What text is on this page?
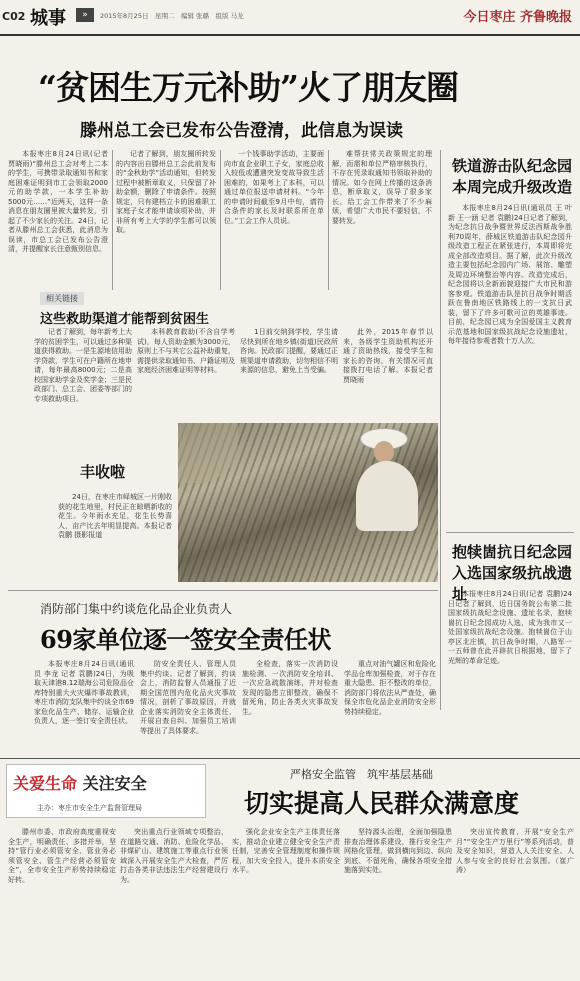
C02 城事	»	2015年8月25日　星期二　编辑 张璐　组版 马龙	今日枣庄 齐鲁晚报
“贫困生万元补助”火了朋友圈
滕州总工会已发布公告澄清，此信息为误读
本报枣庄8月24日讯(记者 贾晓雨)“滕州总工会对考上二本的学生，可携带录取通知书和家庭困难证明到市工会领取2000元的助学款，一本学生补助5000元……”近两天，这样一条消息在朋友圈里被大量转发，引起了不少家长的关注。24日，记者从滕州总工会获悉，此消息为误读，市总工会已发布公告澄清，并提醒家长注意甄别信息。
记者了解到，朋友圈所转发的内容出自滕州总工会此前发布的“金秋助学”活动通知，但转发过程中被断章取义，只保留了补助金额，删除了申请条件。按照规定，只有建档立卡的困难职工家庭子女才能申请该项补助，并非所有考上大学的学生都可以领取。
一个钱事助学活动，主要面向市直企业职工子女，家庭总收入较低或遭遇突发变故导致生活困难的，如果考上了本科，可以通过单位报送申请材料。“今年的申请时间截至9月中旬，请符合条件的家长及时联系所在单位。”工会工作人员说。
难帮扶常关政策规定的理解，而需和单位严格审核执行，不存在凭录取通知书领取补助的情况。如今在网上传播的这条消息，断章取义，误导了很多家长，给工会工作带来了不少麻烦，希望广大市民不要轻信，不要转发。
相关链接
这些救助渠道才能帮到贫困生
记者了解到，每年新考上大学的贫困学生，可以通过多种渠道获得救助。一是生源地信用助学贷款，学生可在户籍所在地申请，每年最高8000元；二是高校国家助学金及奖学金；三是民政部门、总工会、团委等部门的专项救助项目。
本科教育救助(不含自学考试)，每人资助金额为3000元，原则上不与其它公益补助重复，需提供录取通知书、户籍证明及家庭经济困难证明等材料。
1日前交纳到学校，学生请尽快到所在地乡镇(街道)民政所咨询。民政部门提醒，要通过正规渠道申请救助，切勿相信不明来源的信息，避免上当受骗。
此外，2015年春节以来，各级学生资助机构还开通了资助热线，接受学生和家长的咨询，有关情况可直接拨打电话了解。本报记者 贾晓雨
丰收啦
24日，在枣庄市峄城区一片刚收获的花生地里，村民正在晾晒新收的花生。今年雨水充足，花生长势喜人，亩产比去年明显提高。本报记者 袁鹏 摄影报道
铁道游击队纪念园
本周完成升级改造
本报枣庄8月24日讯(通讯员 王 叶新 王一涵 记者 袁鹏)24日记者了解到，为纪念抗日战争暨世界反法西斯战争胜利70周年，薛城区铁道游击队纪念园升级改造工程正在紧张进行，本周即将完成全部改造项目。据了解，此次升级改造主要包括纪念园内广场、展馆、雕塑及周边环境整治等内容。改造完成后，纪念园将以全新面貌迎接广大市民和游客参观。铁道游击队是抗日战争时期活跃在鲁南地区铁路线上的一支抗日武装，留下了许多可歌可泣的英雄事迹。目前，纪念园已成为全国爱国主义教育示范基地和国家级抗战纪念设施遗址，每年接待参观者数十万人次。
抱犊崮抗日纪念园
入选国家级抗战遗址
本报枣庄8月24日讯(记者 袁鹏)24日记者了解到，近日国务院公布第二批国家级抗战纪念设施、遗址名录，抱犊崮抗日纪念园成功入选，成为我市又一处国家级抗战纪念设施。抱犊崮位于山亭区北庄镇，抗日战争时期，八路军一一五师曾在此开辟抗日根据地，留下了光辉的革命足迹。
消防部门集中约谈危化品企业负责人
69家单位逐一签安全责任状
本报枣庄8月24日讯(通讯员 李龙 记者 袁鹏)24日，为吸取天津港8.12瑞海公司危险品仓库特别重大火灾爆炸事故教训，枣庄市消防支队集中约谈全市69家危化品生产、储存、运输企业负责人，逐一签订安全责任状。
防安全责任人、管理人员集中约谈。记者了解到，约谈会上，消防监督人员通报了近期全国范围内危化品火灾事故情况，剖析了事故原因，并就企业落实消防安全主体责任、开展自查自纠、加强员工培训等提出了具体要求。
全检查，落实一次消防设施检测、一次消防安全培训、一次应急疏散演练，并对检查发现的隐患立即整改，确保不留死角，防止各类火灾事故发生。
重点对油气罐区和危险化学品仓库加强检查，对于存在重大隐患、拒不整改的单位，消防部门将依法从严查处，确保全市危化品企业消防安全形势持续稳定。
关爱生命 关注安全
主办：枣庄市安全生产监督管理局
严格安全监管　筑牢基层基础
切实提高人民群众满意度
滕州市委、市政府高度重视安全生产，明确责任、多措并举，坚持“管行业必须管安全、管业务必须管安全、管生产经营必须管安全”，全市安全生产形势持续稳定好转。
突出重点行业领域专项整治，在道路交通、消防、危险化学品、非煤矿山、建筑施工等重点行业领域深入开展安全生产大检查，严厉打击各类非法违法生产经营建设行为。
强化企业安全生产主体责任落实，推动企业建立健全安全生产责任制，完善安全管理制度和操作规程，加大安全投入，提升本质安全水平。
坚持源头治理，全面加强隐患排查治理体系建设，推行安全生产网格化管理，做到横向到边、纵向到底、不留死角，确保各项安全措施落到实处。
突出宣传教育，开展“安全生产月”“安全生产万里行”等系列活动，普及安全知识，营造人人关注安全、人人参与安全的良好社会氛围。（崔广涛）
